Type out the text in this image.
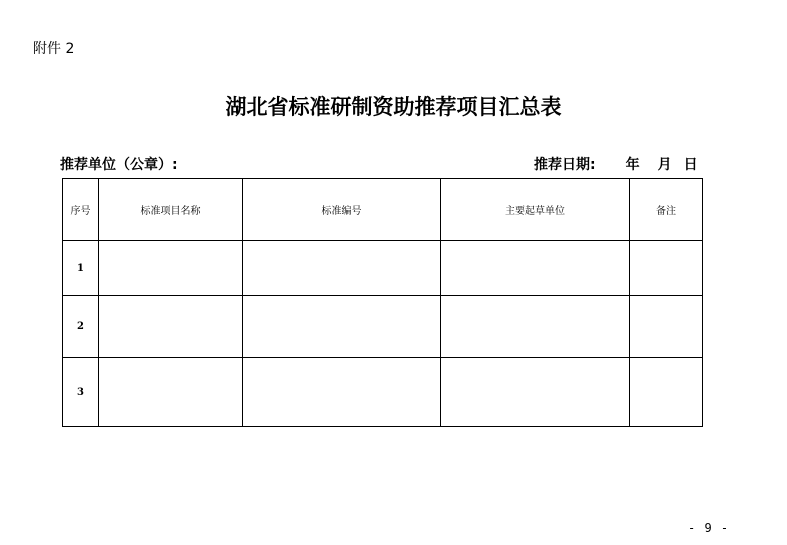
附件 2
湖北省标准研制资助推荐项目汇总表
推荐单位（公章）:	推荐日期: 年 月 日
序号	标准项目名称	标准编号	主要起草单位	备注
1				
2				
3				
- 9 -
